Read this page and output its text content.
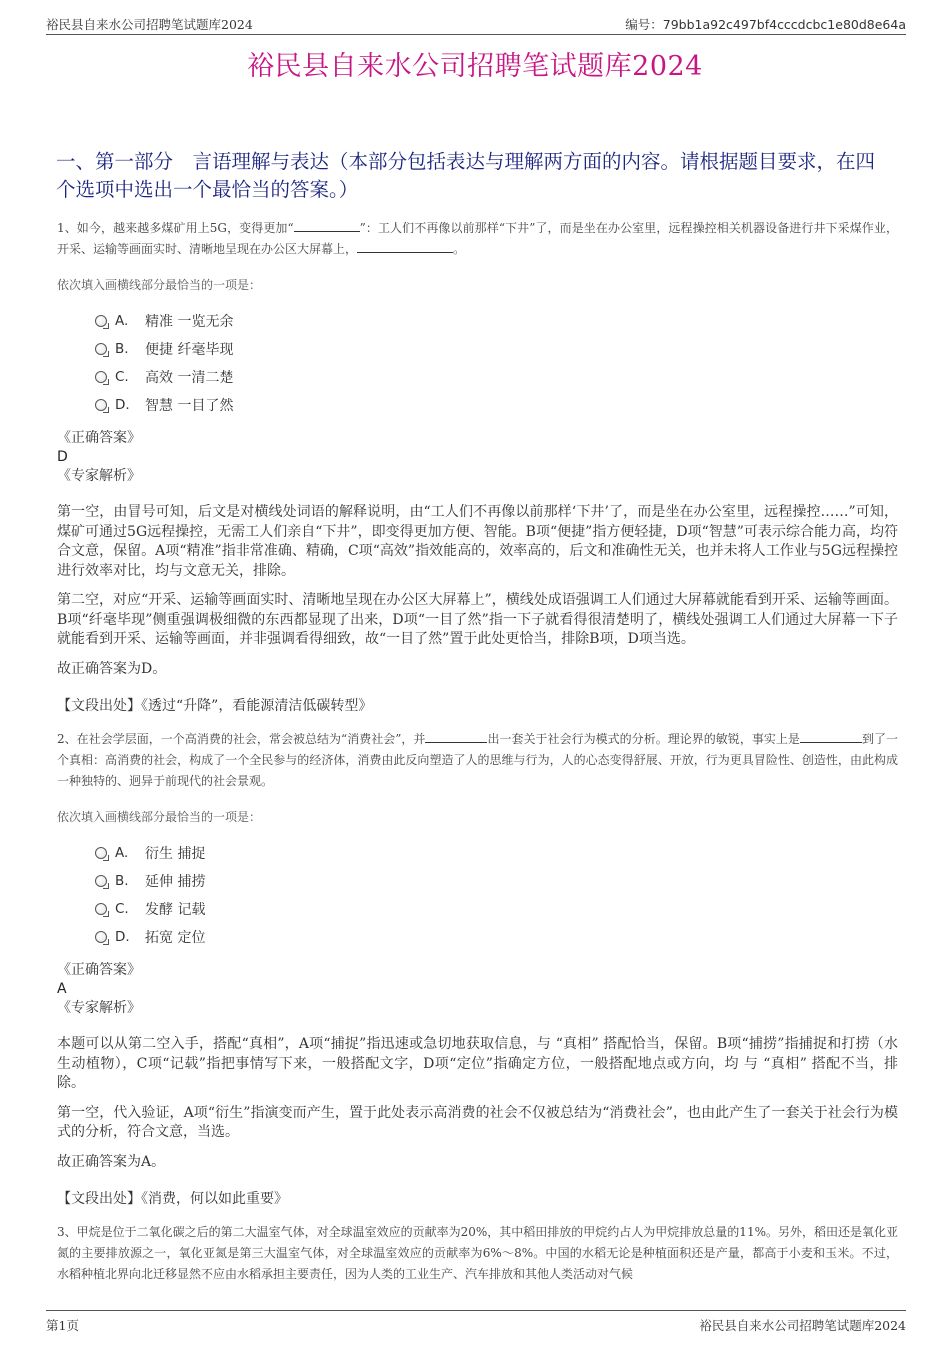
裕民县自来水公司招聘笔试题库2024	编号：79bb1a92c497bf4cccdcbc1e80d8e64a
裕民县自来水公司招聘笔试题库2024
一、第一部分　言语理解与表达（本部分包括表达与理解两方面的内容。请根据题目要求，在四个选项中选出一个最恰当的答案。）
1、如今，越来越多煤矿用上5G，变得更加“	”：工人们不再像以前那样“下井”了，而是坐在办公室里，远程操控相关机器设备进行井下采煤作业，开采、运输等画面实时、清晰地呈现在办公区大屏幕上，	。
依次填入画横线部分最恰当的一项是：
A.	精准 一览无余
B.	便捷 纤毫毕现
C.	高效 一清二楚
D.	智慧 一目了然
《正确答案》
D
《专家解析》
第一空，由冒号可知，后文是对横线处词语的解释说明，由“工人们不再像以前那样‘下井’了，而是坐在办公室里，远程操控……”可知，煤矿可通过5G远程操控，无需工人们亲自“下井”，即变得更加方便、智能。B项“便捷”指方便轻捷，D项“智慧”可表示综合能力高，均符合文意，保留。A项“精准”指非常准确、精确，C项“高效”指效能高的，效率高的，后文和准确性无关，也并未将人工作业与5G远程操控进行效率对比，均与文意无关，排除。
第二空，对应“开采、运输等画面实时、清晰地呈现在办公区大屏幕上”，横线处成语强调工人们通过大屏幕就能看到开采、运输等画面。B项“纤毫毕现”侧重强调极细微的东西都显现了出来，D项“一目了然”指一下子就看得很清楚明了，横线处强调工人们通过大屏幕一下子就能看到开采、运输等画面，并非强调看得细致，故“一目了然”置于此处更恰当，排除B项，D项当选。
故正确答案为D。
【文段出处】《透过“升降”，看能源清洁低碳转型》
2、在社会学层面，一个高消费的社会，常会被总结为“消费社会”，并	出一套关于社会行为模式的分析。理论界的敏锐，事实上是	到了一个真相：高消费的社会，构成了一个全民参与的经济体，消费由此反向塑造了人的思维与行为，人的心态变得舒展、开放，行为更具冒险性、创造性，由此构成一种独特的、迥异于前现代的社会景观。
依次填入画横线部分最恰当的一项是：
A.	衍生 捕捉
B.	延伸 捕捞
C.	发酵 记载
D.	拓宽 定位
《正确答案》
A
《专家解析》
本题可以从第二空入手，搭配“真相”，A项“捕捉”指迅速或急切地获取信息，与 “真相” 搭配恰当，保留。B项“捕捞”指捕捉和打捞（水生动植物），C项“记载”指把事情写下来，一般搭配文字，D项“定位”指确定方位，一般搭配地点或方向，均 与 “真相” 搭配不当，排除。
第一空，代入验证，A项“衍生”指演变而产生，置于此处表示高消费的社会不仅被总结为“消费社会”，也由此产生了一套关于社会行为模式的分析，符合文意，当选。
故正确答案为A。
【文段出处】《消费，何以如此重要》
3、甲烷是位于二氧化碳之后的第二大温室气体，对全球温室效应的贡献率为20%，其中稻田排放的甲烷约占人为甲烷排放总量的11%。另外，稻田还是氧化亚氮的主要排放源之一，氧化亚氮是第三大温室气体，对全球温室效应的贡献率为6%～8%。中国的水稻无论是种植面积还是产量，都高于小麦和玉米。不过，水稻种植北界向北迁移显然不应由水稻承担主要责任，因为人类的工业生产、汽车排放和其他人类活动对气候
第1页	裕民县自来水公司招聘笔试题库2024
